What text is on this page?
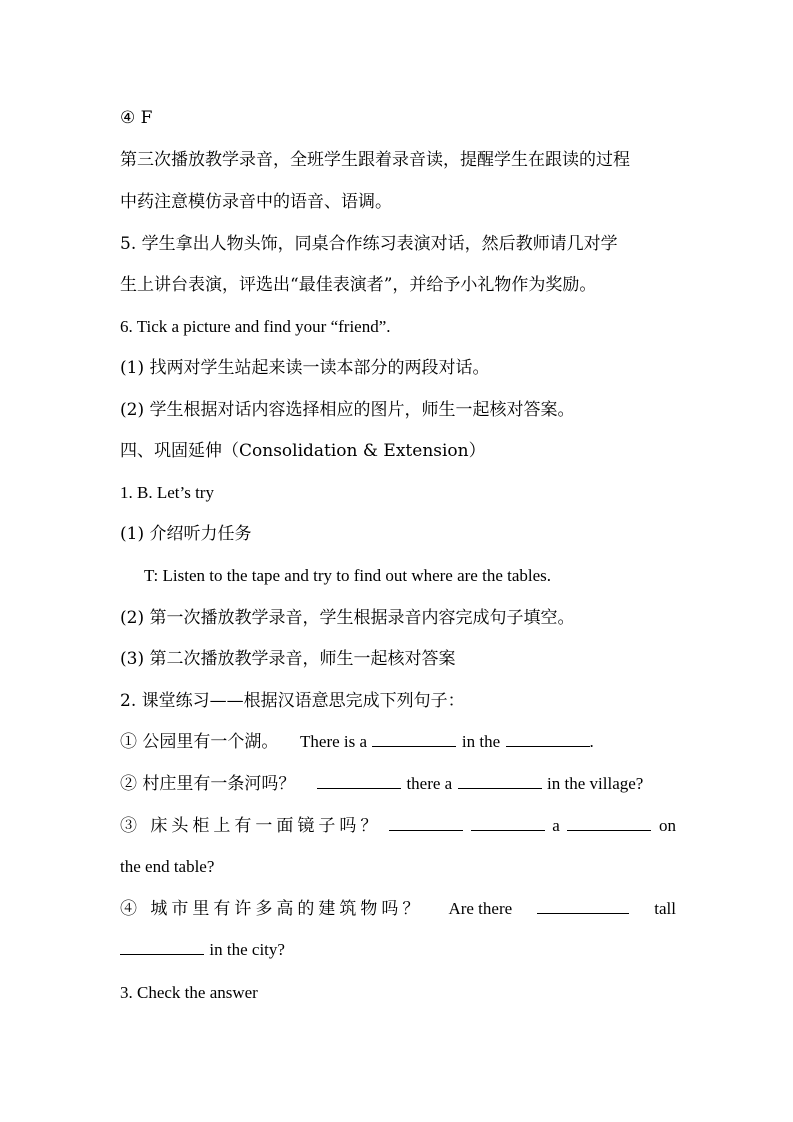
④ F
第三次播放教学录音，全班学生跟着录音读，提醒学生在跟读的过程
中药注意模仿录音中的语音、语调。
5. 学生拿出人物头饰，同桌合作练习表演对话，然后教师请几对学
生上讲台表演，评选出“最佳表演者”，并给予小礼物作为奖励。
6. Tick a picture and find your “friend”.
(1) 找两对学生站起来读一读本部分的两段对话。
(2) 学生根据对话内容选择相应的图片，师生一起核对答案。
四、巩固延伸（Consolidation & Extension）
1. B. Let’s try
(1) 介绍听力任务
T: Listen to the tape and try to find out where are the tables.
(2) 第一次播放教学录音，学生根据录音内容完成句子填空。
(3) 第二次播放教学录音，师生一起核对答案
2. 课堂练习——根据汉语意思完成下列句子：
① 公园里有一个湖。 There is a	in the	.
② 村庄里有一条河吗？	there a	in the village?
③ 床头柜上有一面镜子吗？	a	on
the end table?
④ 城市里有许多高的建筑物吗？ Are there	tall
in the city?
3. Check the answer
